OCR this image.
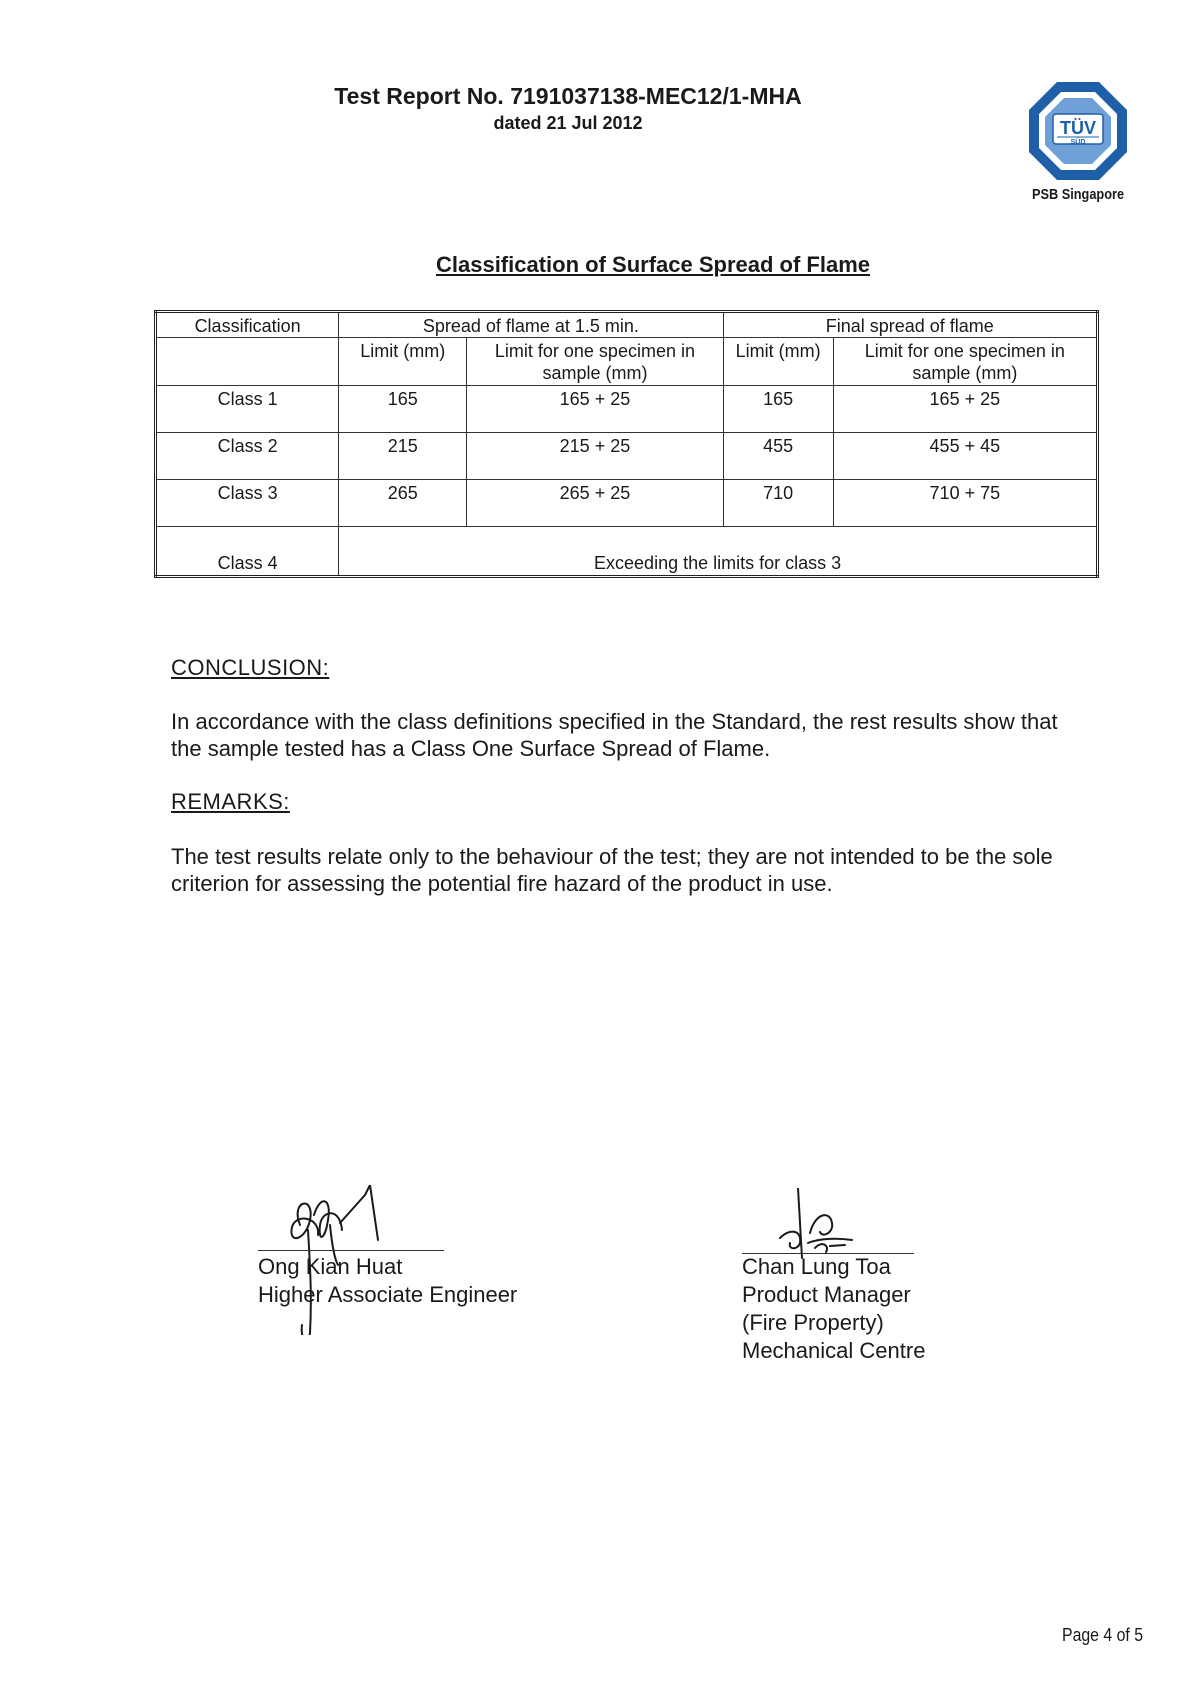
Test Report No. 7191037138-MEC12/1-MHA
dated 21 Jul 2012	TÜV
SÜD
PSB Singapore
Classification of Surface Spread of Flame
Classification	Spread of flame at 1.5 min.		Final spread of flame	
	Limit (mm)	Limit for one specimen in sample (mm)	Limit (mm)	Limit for one specimen in sample (mm)
Class 1	165	165 + 25	165	165 + 25
Class 2	215	215 + 25	455	455 + 45
Class 3	265	265 + 25	710	710 + 75
Class 4	Exceeding the limits for class 3			
CONCLUSION:
In accordance with the class definitions specified in the Standard, the rest results show that the sample tested has a Class One Surface Spread of Flame.
REMARKS:
The test results relate only to the behaviour of the test; they are not intended to be the sole criterion for assessing the potential fire hazard of the product in use.
Ong Kian Huat
Higher Associate Engineer
Chan Lung Toa
Product Manager
(Fire Property)
Mechanical Centre
Page 4 of 5
